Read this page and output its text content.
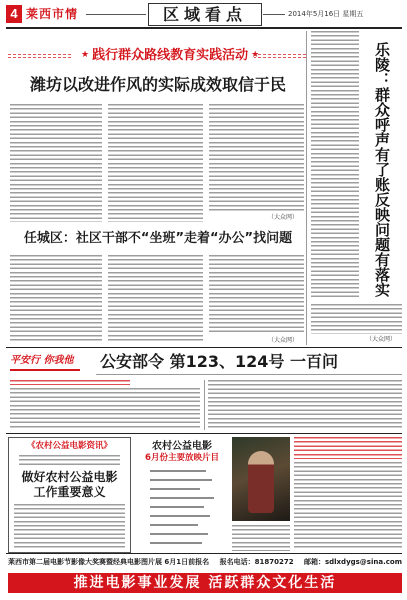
4 莱西市情	区域看点	2014年5月16日 星期五
★ 践行群众路线教育实践活动 ★
潍坊以改进作风的实际成效取信于民
（大众网）	乐陵：群众呼声有了账反映问题有落实
（大众网）
任城区：社区干部不“坐班”走着“办公”找问题
（大众网）
平安行 你我他 公安部令 第123、124号 一百问
《农村公益电影资讯》
做好农村公益电影
工作重要意义
农村公益电影
6月份主要放映片目
莱西市第二届电影节影像大奖赛暨经典电影图片展 6月1日前报名 报名电话：81870272 邮箱：sdlxdygs@sina.com
推进电影事业发展 活跃群众文化生活
